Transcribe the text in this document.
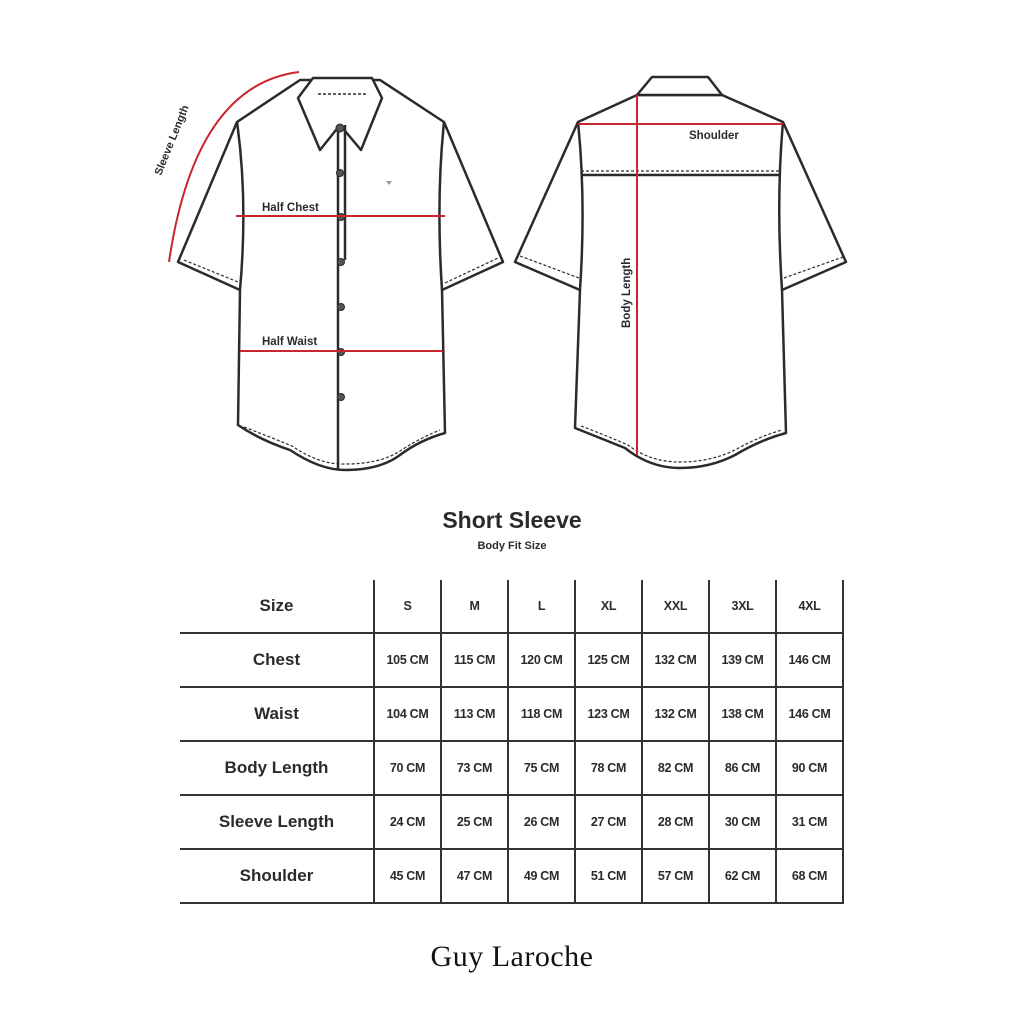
Sleeve Length
Half Chest
Half Waist
Shoulder
Body Length
Short Sleeve
Body Fit Size
Size	S	M	L	XL	XXL	3XL	4XL
Chest	105 CM	115 CM	120 CM	125 CM	132 CM	139 CM	146 CM
Waist	104 CM	113 CM	118 CM	123 CM	132 CM	138 CM	146 CM
Body Length	70 CM	73 CM	75 CM	78 CM	82 CM	86 CM	90 CM
Sleeve Length	24 CM	25 CM	26 CM	27 CM	28 CM	30 CM	31 CM
Shoulder	45 CM	47 CM	49 CM	51 CM	57 CM	62 CM	68 CM
Guy Laroche
